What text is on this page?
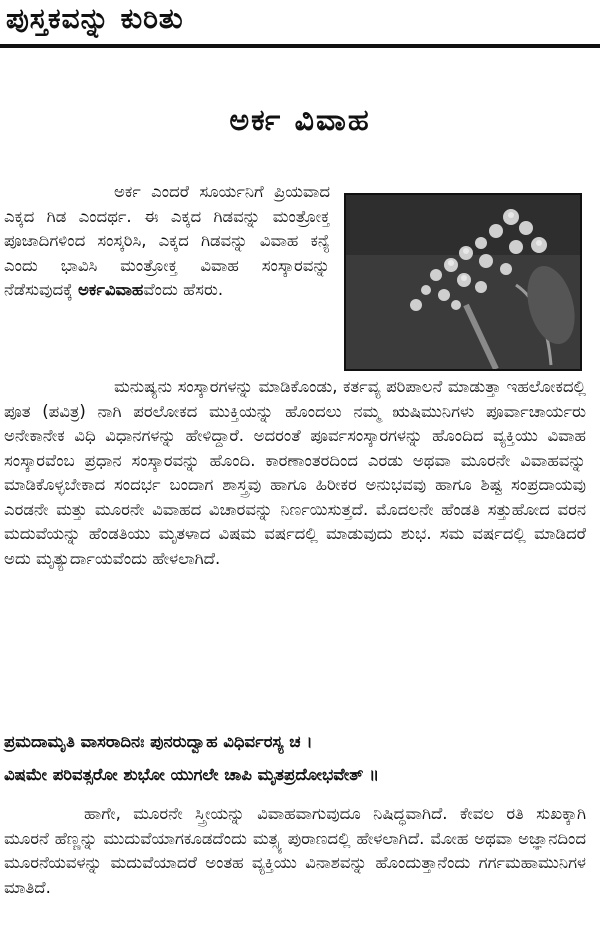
ಪುಸ್ತಕವನ್ನು ಕುರಿತು
ಅರ್ಕ ವಿವಾಹ
ಅರ್ಕ ಎಂದರೆ ಸೂರ್ಯನಿಗೆ ಪ್ರಿಯವಾದ ಎಕ್ಕದ ಗಿಡ ಎಂದರ್ಥ. ಈ ಎಕ್ಕದ ಗಿಡವನ್ನು ಮಂತ್ರೋಕ್ತ ಪೂಜಾದಿಗಳಿಂದ ಸಂಸ್ಕರಿಸಿ, ಎಕ್ಕದ ಗಿಡವನ್ನು ವಿವಾಹ ಕನ್ಯೆ ಎಂದು ಭಾವಿಸಿ ಮಂತ್ರೋಕ್ತ ವಿವಾಹ ಸಂಸ್ಕಾರವನ್ನು ನೆಡೆಸುವುದಕ್ಕೆ ಅರ್ಕವಿವಾಹವೆಂದು ಹೆಸರು.
ಮನುಷ್ಯನು ಸಂಸ್ಕಾರಗಳನ್ನು ಮಾಡಿಕೊಂಡು, ಕರ್ತವ್ಯ ಪರಿಪಾಲನೆ ಮಾಡುತ್ತಾ ಇಹಲೋಕದಲ್ಲಿ ಪೂತ (ಪವಿತ್ರ) ನಾಗಿ ಪರಲೋಕದ ಮುಕ್ತಿಯನ್ನು ಹೊಂದಲು ನಮ್ಮ ಋಷಿಮುನಿಗಳು ಪೂರ್ವಾಚಾರ್ಯರು ಅನೇಕಾನೇಕ ವಿಧಿ ವಿಧಾನಗಳನ್ನು ಹೇಳಿದ್ದಾರೆ. ಅದರಂತೆ ಪೂರ್ವಸಂಸ್ಕಾರಗಳನ್ನು ಹೊಂದಿದ ವ್ಯಕ್ತಿಯು ವಿವಾಹ ಸಂಸ್ಕಾರವೆಂಬ ಪ್ರಧಾನ ಸಂಸ್ಕಾರವನ್ನು ಹೊಂದಿ. ಕಾರಣಾಂತರದಿಂದ ಎರಡು ಅಥವಾ ಮೂರನೇ ವಿವಾಹವನ್ನು ಮಾಡಿಕೊಳ್ಳಬೇಕಾದ ಸಂದರ್ಭ ಬಂದಾಗ ಶಾಸ್ತ್ರವು ಹಾಗೂ ಹಿರೀಕರ ಅನುಭವವು ಹಾಗೂ ಶಿಷ್ಟ ಸಂಪ್ರದಾಯವು ಎರಡನೇ ಮತ್ತು ಮೂರನೇ ವಿವಾಹದ ವಿಚಾರವನ್ನು ನಿರ್ಣಯಿಸುತ್ತದೆ. ಮೊದಲನೇ ಹೆಂಡತಿ ಸತ್ತುಹೋದ ವರನ ಮದುವೆಯನ್ನು ಹೆಂಡತಿಯು ಮೃತಳಾದ ವಿಷಮ ವರ್ಷದಲ್ಲಿ ಮಾಡುವುದು ಶುಭ. ಸಮ ವರ್ಷದಲ್ಲಿ ಮಾಡಿದರೆ ಅದು ಮೃತ್ಯುರ್ದಾಯವೆಂದು ಹೇಳಲಾಗಿದೆ.
ಪ್ರಮದಾಮೃತಿ ವಾಸರಾದಿನಃ ಪುನರುದ್ವಾಹ ವಿಧಿರ್ವರಸ್ಯ ಚ ।
ವಿಷಮೇ ಪರಿವತ್ಸರೋ ಶುಭೋ ಯುಗಲೇ ಚಾಪಿ ಮೃತಪ್ರದೋಭವೇತ್ ॥
ಹಾಗೇ, ಮೂರನೇ ಸ್ತ್ರೀಯನ್ನು ವಿವಾಹವಾಗುವುದೂ ನಿಷಿದ್ಧವಾಗಿದೆ. ಕೇವಲ ರತಿ ಸುಖಕ್ಕಾಗಿ ಮೂರನೆ ಹೆಣ್ಣನ್ನು ಮುದುವೆಯಾಗಕೂಡದೆಂದು ಮತ್ಸ್ಯ ಪುರಾಣದಲ್ಲಿ ಹೇಳಲಾಗಿದೆ. ಮೋಹ ಅಥವಾ ಅಜ್ಞಾನದಿಂದ ಮೂರನೆಯವಳನ್ನು ಮದುವೆಯಾದರೆ ಅಂತಹ ವ್ಯಕ್ತಿಯು ವಿನಾಶವನ್ನು ಹೊಂದುತ್ತಾನೆಂದು ಗರ್ಗಮಹಾಮುನಿಗಳ ಮಾತಿದೆ.
